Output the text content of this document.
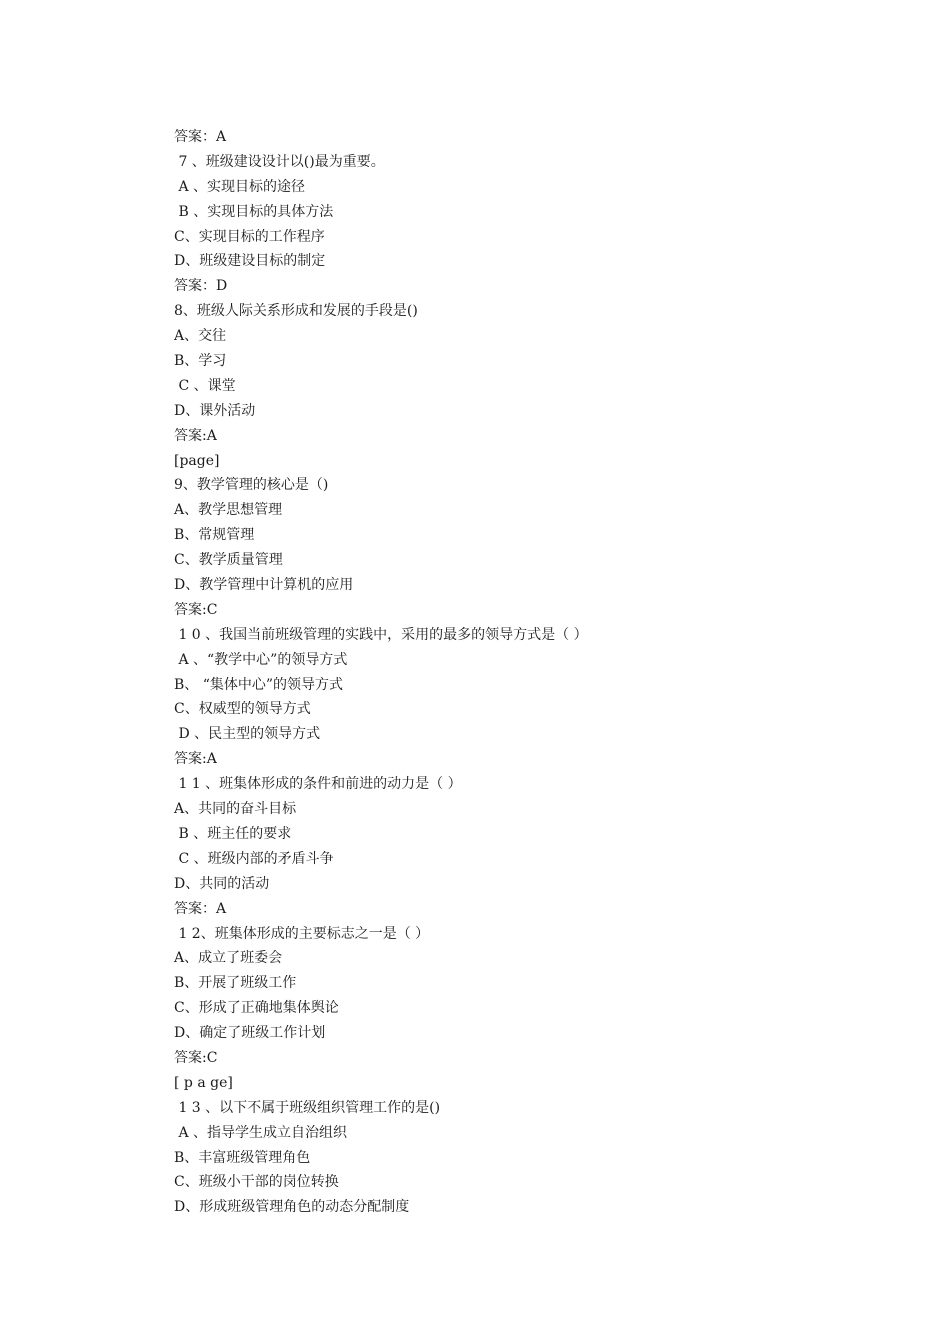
答案：A
7 、班级建设设计以()最为重要。
A 、实现目标的途径
B 、实现目标的具体方法
C、实现目标的工作程序
D、班级建设目标的制定
答案：D
8、班级人际关系形成和发展的手段是()
A、交往
B、学习
C 、课堂
D、课外活动
答案:A
[page]
9、教学管理的核心是（)
A、教学思想管理
B、常规管理
C、教学质量管理
D、教学管理中计算机的应用
答案:C
1 0 、我国当前班级管理的实践中，采用的最多的领导方式是（ ）
A 、“教学中心”的领导方式
B、 “集体中心”的领导方式
C、权威型的领导方式
D 、民主型的领导方式
答案:A
1 1 、班集体形成的条件和前进的动力是（ ）
A、共同的奋斗目标
B 、班主任的要求
C 、班级内部的矛盾斗争
D、共同的活动
答案：A
1 2、班集体形成的主要标志之一是（ ）
A、成立了班委会
B、开展了班级工作
C、形成了正确地集体舆论
D、确定了班级工作计划
答案:C
[ p a ge]
1 3 、以下不属于班级组织管理工作的是()
A 、指导学生成立自治组织
B、丰富班级管理角色
C、班级小干部的岗位转换
D、形成班级管理角色的动态分配制度
